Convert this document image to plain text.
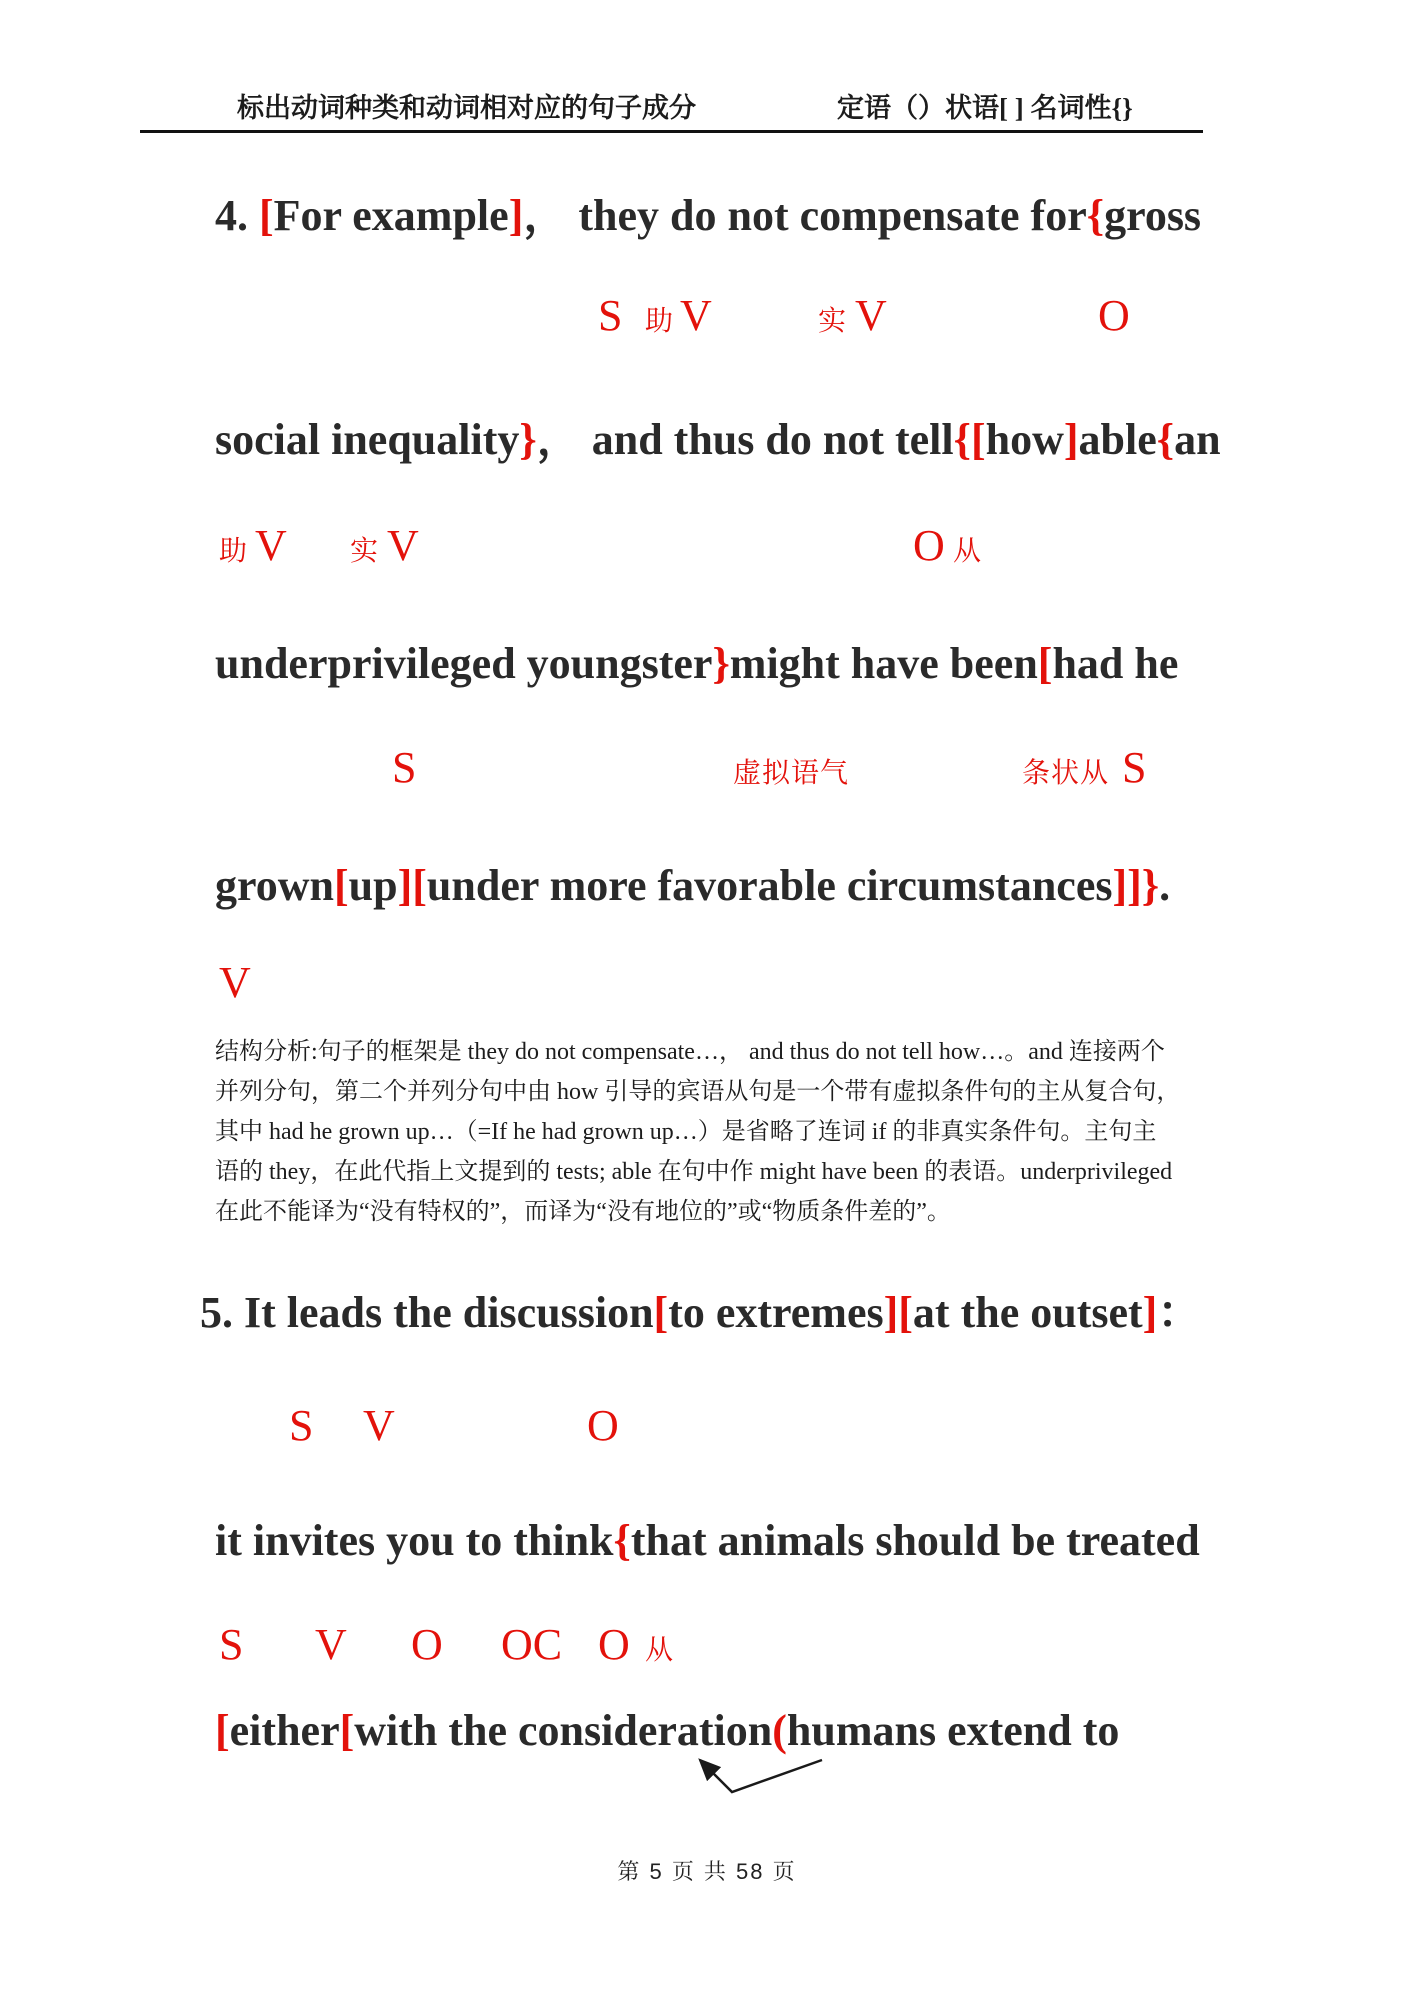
标出动词种类和动词相对应的句子成分	定语（）状语[ ] 名词性{}
4. [For example]， they do not compensate for{gross
S 助 V	实 V	O
social inequality}， and thus do not tell{[how]able{an
助 V 实 V	O 从
underprivileged youngster}might have been[had he
S	虚拟语气	条状从 S
grown[up][under more favorable circumstances]]}.
V
结构分析:句子的框架是 they do not compensate…， and thus do not tell how…。and 连接两个
并列分句，第二个并列分句中由 how 引导的宾语从句是一个带有虚拟条件句的主从复合句，
其中 had he grown up…（=If he had grown up…）是省略了连词 if 的非真实条件句。主句主
语的 they，在此代指上文提到的 tests; able 在句中作 might have been 的表语。underprivileged
在此不能译为“没有特权的”，而译为“没有地位的”或“物质条件差的”。
5. It leads the discussion[to extremes][at the outset]：
S V	O
it invites you to think{that animals should be treated
S V O OC O 从
[either[with the consideration(humans extend to
第 5 页 共 58 页
